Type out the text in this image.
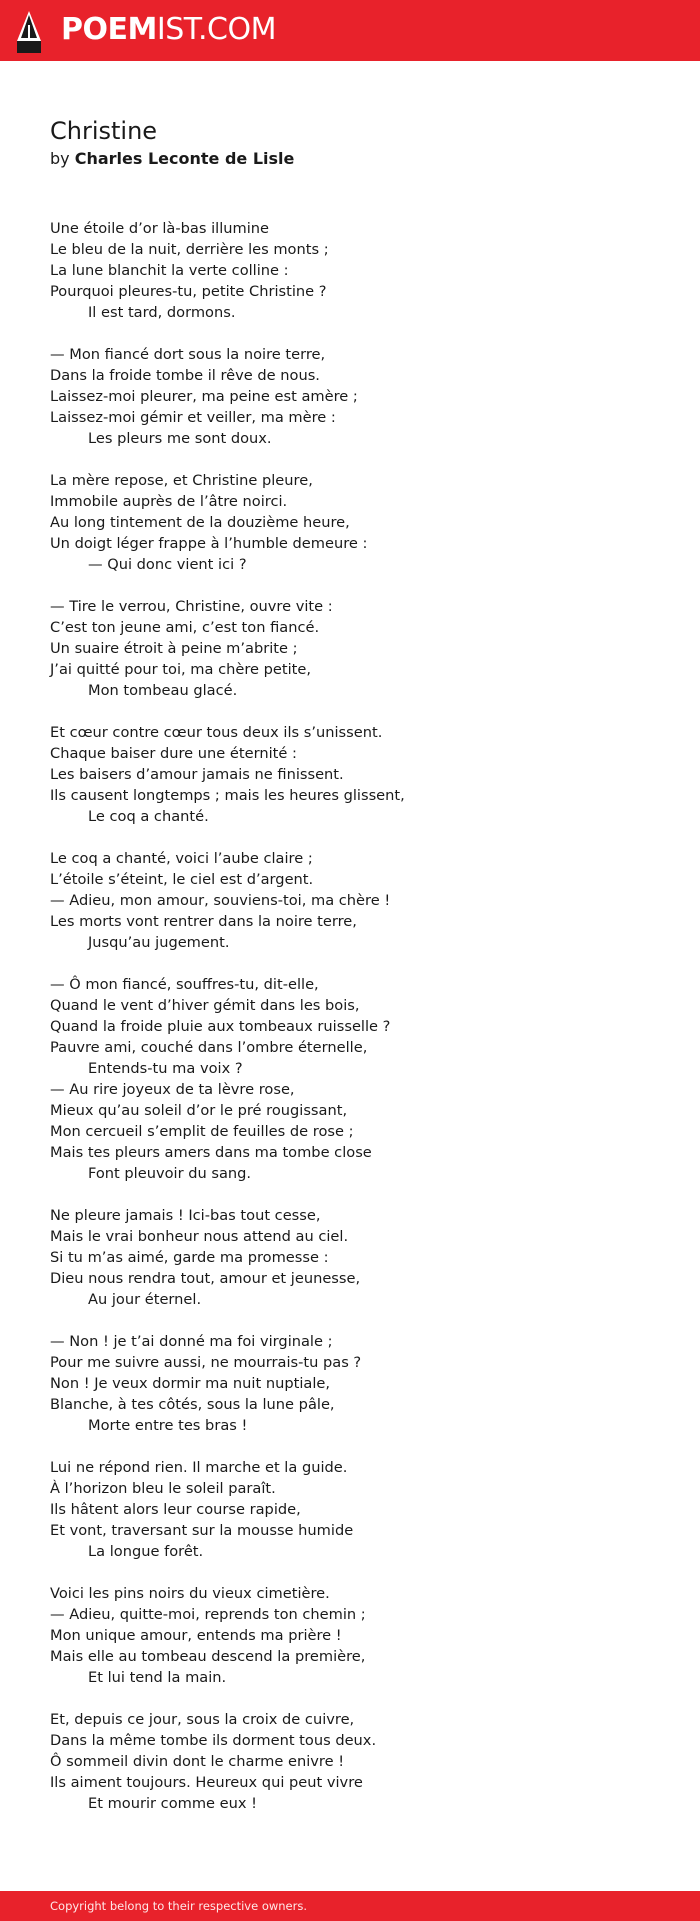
POEMIST.COM
Christine
by Charles Leconte de Lisle
Une étoile d’or là-bas illumine
Le bleu de la nuit, derrière les monts ;
La lune blanchit la verte colline :
Pourquoi pleures-tu, petite Christine ?
Il est tard, dormons.
— Mon fiancé dort sous la noire terre,
Dans la froide tombe il rêve de nous.
Laissez-moi pleurer, ma peine est amère ;
Laissez-moi gémir et veiller, ma mère :
Les pleurs me sont doux.
La mère repose, et Christine pleure,
Immobile auprès de l’âtre noirci.
Au long tintement de la douzième heure,
Un doigt léger frappe à l’humble demeure :
— Qui donc vient ici ?
— Tire le verrou, Christine, ouvre vite :
C’est ton jeune ami, c’est ton fiancé.
Un suaire étroit à peine m’abrite ;
J’ai quitté pour toi, ma chère petite,
Mon tombeau glacé.
Et cœur contre cœur tous deux ils s’unissent.
Chaque baiser dure une éternité :
Les baisers d’amour jamais ne finissent.
Ils causent longtemps ; mais les heures glissent,
Le coq a chanté.
Le coq a chanté, voici l’aube claire ;
L’étoile s’éteint, le ciel est d’argent.
— Adieu, mon amour, souviens-toi, ma chère !
Les morts vont rentrer dans la noire terre,
Jusqu’au jugement.
— Ô mon fiancé, souffres-tu, dit-elle,
Quand le vent d’hiver gémit dans les bois,
Quand la froide pluie aux tombeaux ruisselle ?
Pauvre ami, couché dans l’ombre éternelle,
Entends-tu ma voix ?
— Au rire joyeux de ta lèvre rose,
Mieux qu’au soleil d’or le pré rougissant,
Mon cercueil s’emplit de feuilles de rose ;
Mais tes pleurs amers dans ma tombe close
Font pleuvoir du sang.
Ne pleure jamais ! Ici-bas tout cesse,
Mais le vrai bonheur nous attend au ciel.
Si tu m’as aimé, garde ma promesse :
Dieu nous rendra tout, amour et jeunesse,
Au jour éternel.
— Non ! je t’ai donné ma foi virginale ;
Pour me suivre aussi, ne mourrais-tu pas ?
Non ! Je veux dormir ma nuit nuptiale,
Blanche, à tes côtés, sous la lune pâle,
Morte entre tes bras !
Lui ne répond rien. Il marche et la guide.
À l’horizon bleu le soleil paraît.
Ils hâtent alors leur course rapide,
Et vont, traversant sur la mousse humide
La longue forêt.
Voici les pins noirs du vieux cimetière.
— Adieu, quitte-moi, reprends ton chemin ;
Mon unique amour, entends ma prière !
Mais elle au tombeau descend la première,
Et lui tend la main.
Et, depuis ce jour, sous la croix de cuivre,
Dans la même tombe ils dorment tous deux.
Ô sommeil divin dont le charme enivre !
Ils aiment toujours. Heureux qui peut vivre
Et mourir comme eux !
Copyright belong to their respective owners.
